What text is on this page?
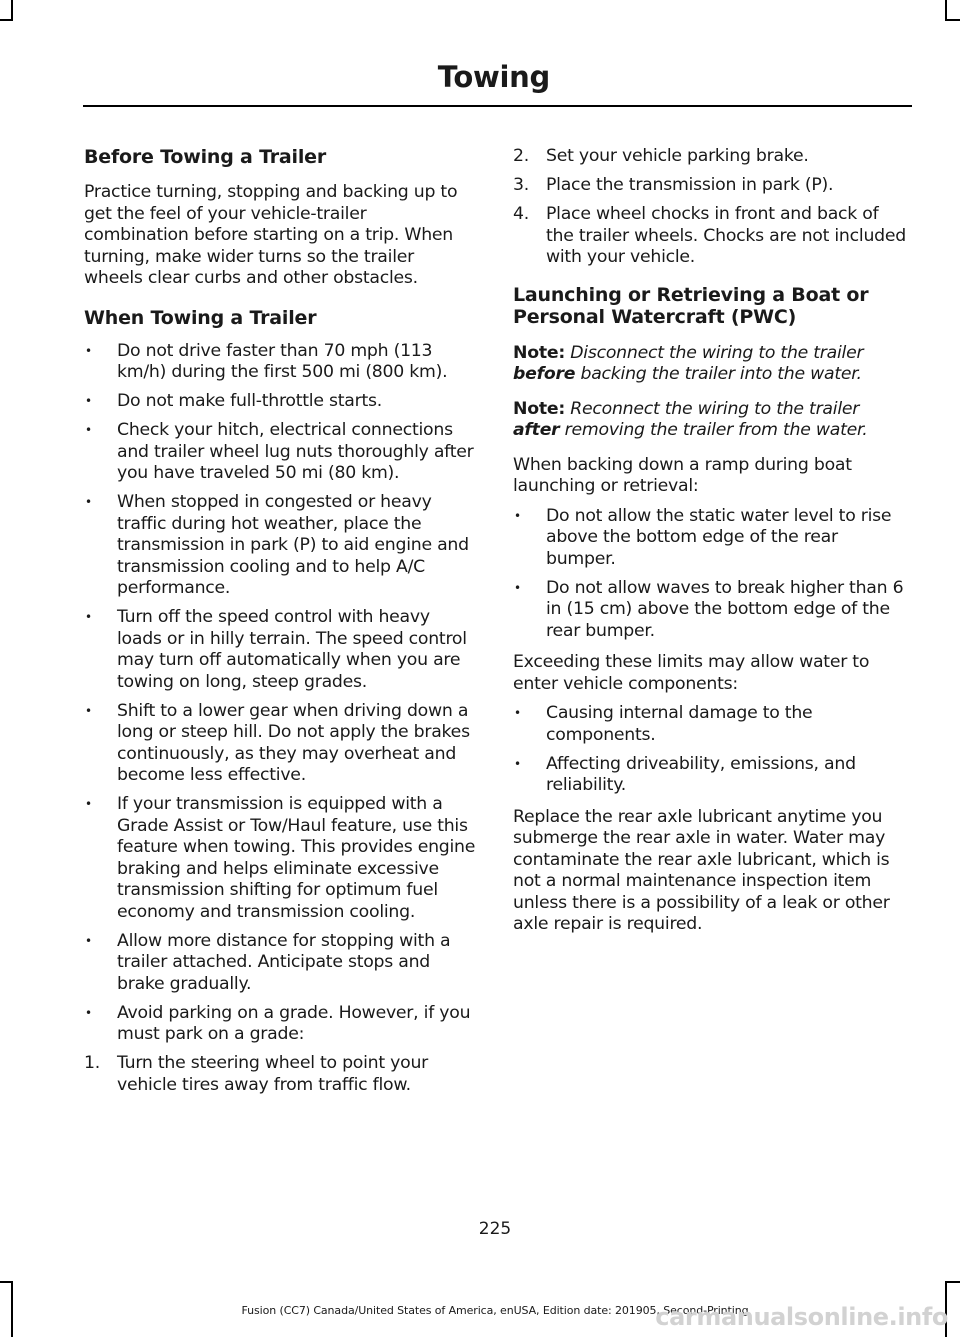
Towing
Before Towing a Trailer

Practice turning, stopping and backing up to get the feel of your vehicle-trailer combination before starting on a trip. When turning, make wider turns so the trailer wheels clear curbs and other obstacles.

When Towing a Trailer
• Do not drive faster than 70 mph (113 km/h) during the first 500 mi (800 km).
• Do not make full-throttle starts.
• Check your hitch, electrical connections and trailer wheel lug nuts thoroughly after you have traveled 50 mi (80 km).
• When stopped in congested or heavy traffic during hot weather, place the transmission in park (P) to aid engine and transmission cooling and to help A/C performance.
• Turn off the speed control with heavy loads or in hilly terrain. The speed control may turn off automatically when you are towing on long, steep grades.
• Shift to a lower gear when driving down a long or steep hill. Do not apply the brakes continuously, as they may overheat and become less effective.
• If your transmission is equipped with a Grade Assist or Tow/Haul feature, use this feature when towing. This provides engine braking and helps eliminate excessive transmission shifting for optimum fuel economy and transmission cooling.
• Allow more distance for stopping with a trailer attached. Anticipate stops and brake gradually.
• Avoid parking on a grade. However, if you must park on a grade:
1. Turn the steering wheel to point your vehicle tires away from traffic flow.
2. Set your vehicle parking brake.
3. Place the transmission in park (P).
4. Place wheel chocks in front and back of the trailer wheels. Chocks are not included with your vehicle.
Launching or Retrieving a Boat or Personal Watercraft (PWC)

Note: Disconnect the wiring to the trailer before backing the trailer into the water.

Note: Reconnect the wiring to the trailer after removing the trailer from the water.

When backing down a ramp during boat launching or retrieval:

• Do not allow the static water level to rise above the bottom edge of the rear bumper.
• Do not allow waves to break higher than 6 in (15 cm) above the bottom edge of the rear bumper.

Exceeding these limits may allow water to enter vehicle components:

• Causing internal damage to the components.
• Affecting driveability, emissions, and reliability.

Replace the rear axle lubricant anytime you submerge the rear axle in water. Water may contaminate the rear axle lubricant, which is not a normal maintenance inspection item unless there is a possibility of a leak or other axle repair is required.

225
Fusion (CC7) Canada/United States of America, enUSA, Edition date: 201905, Second-Printing
carmanualsonline.info
